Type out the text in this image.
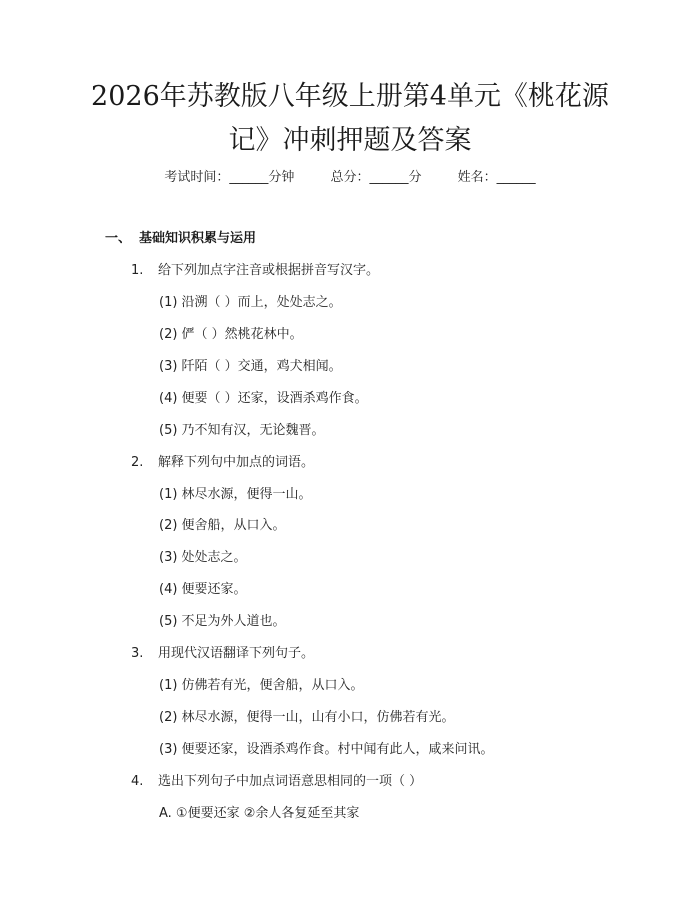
2026年苏教版八年级上册第4单元《桃花源
记》冲刺押题及答案
考试时间：______分钟	总分：______分	姓名：______
一、 基础知识积累与运用
1. 给下列加点字注音或根据拼音写汉字。
(1) 沿溯（ ）而上，处处志之。
(2) 俨（ ）然桃花林中。
(3) 阡陌（ ）交通，鸡犬相闻。
(4) 便要（ ）还家，设酒杀鸡作食。
(5) 乃不知有汉，无论魏晋。
2. 解释下列句中加点的词语。
(1) 林尽水源，便得一山。
(2) 便舍船，从口入。
(3) 处处志之。
(4) 便要还家。
(5) 不足为外人道也。
3. 用现代汉语翻译下列句子。
(1) 仿佛若有光，便舍船，从口入。
(2) 林尽水源，便得一山，山有小口，仿佛若有光。
(3) 便要还家，设酒杀鸡作食。村中闻有此人，咸来问讯。
4. 选出下列句子中加点词语意思相同的一项（ ）
A. ①便要还家 ②余人各复延至其家
